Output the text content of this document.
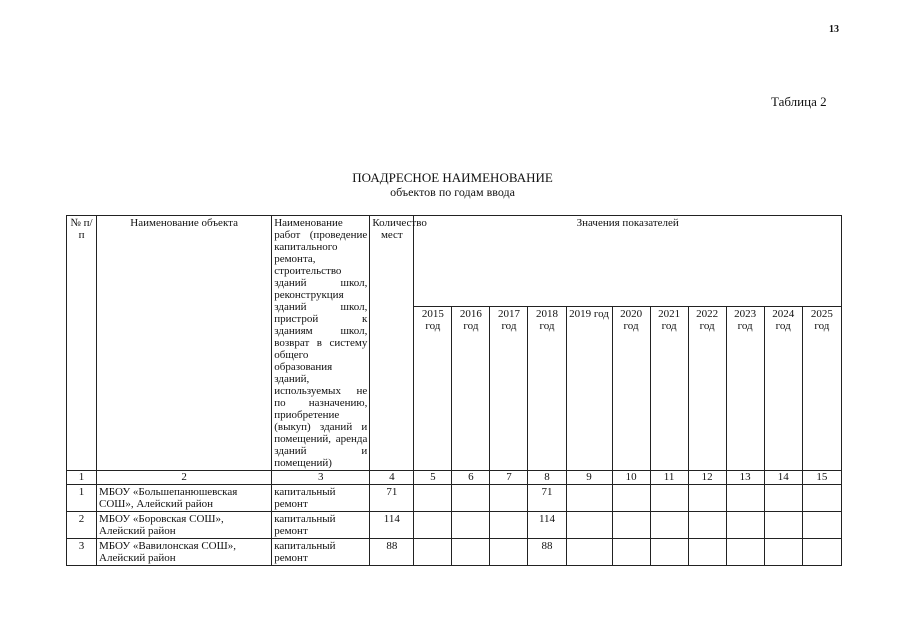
13
Таблица 2
ПОАДРЕСНОЕ НАИМЕНОВАНИЕ
объектов по годам ввода
№ п/п	Наименование объекта	Наименование работ (проведение капитального ремонта, строительство зданий школ, реконструкция зданий школ, пристрой к зданиям школ, возврат в систему общего образования зданий, используемых не по назначению, приобретение (выкуп) зданий и помещений, аренда зданий и помещений)	Количество мест	Значения показателей										
				2015 год	2016 год	2017 год	2018 год	2019 год	2020 год	2021 год	2022 год	2023 год	2024 год	2025 год
1	2	3	4	5	6	7	8	9	10	11	12	13	14	15
1	МБОУ «Большепанюшевская СОШ», Алейский район	капитальный ремонт	71				71							
2	МБОУ «Боровская СОШ», Алейский район	капитальный ремонт	114				114							
3	МБОУ «Вавилонская СОШ», Алейский район	капитальный ремонт	88				88							
